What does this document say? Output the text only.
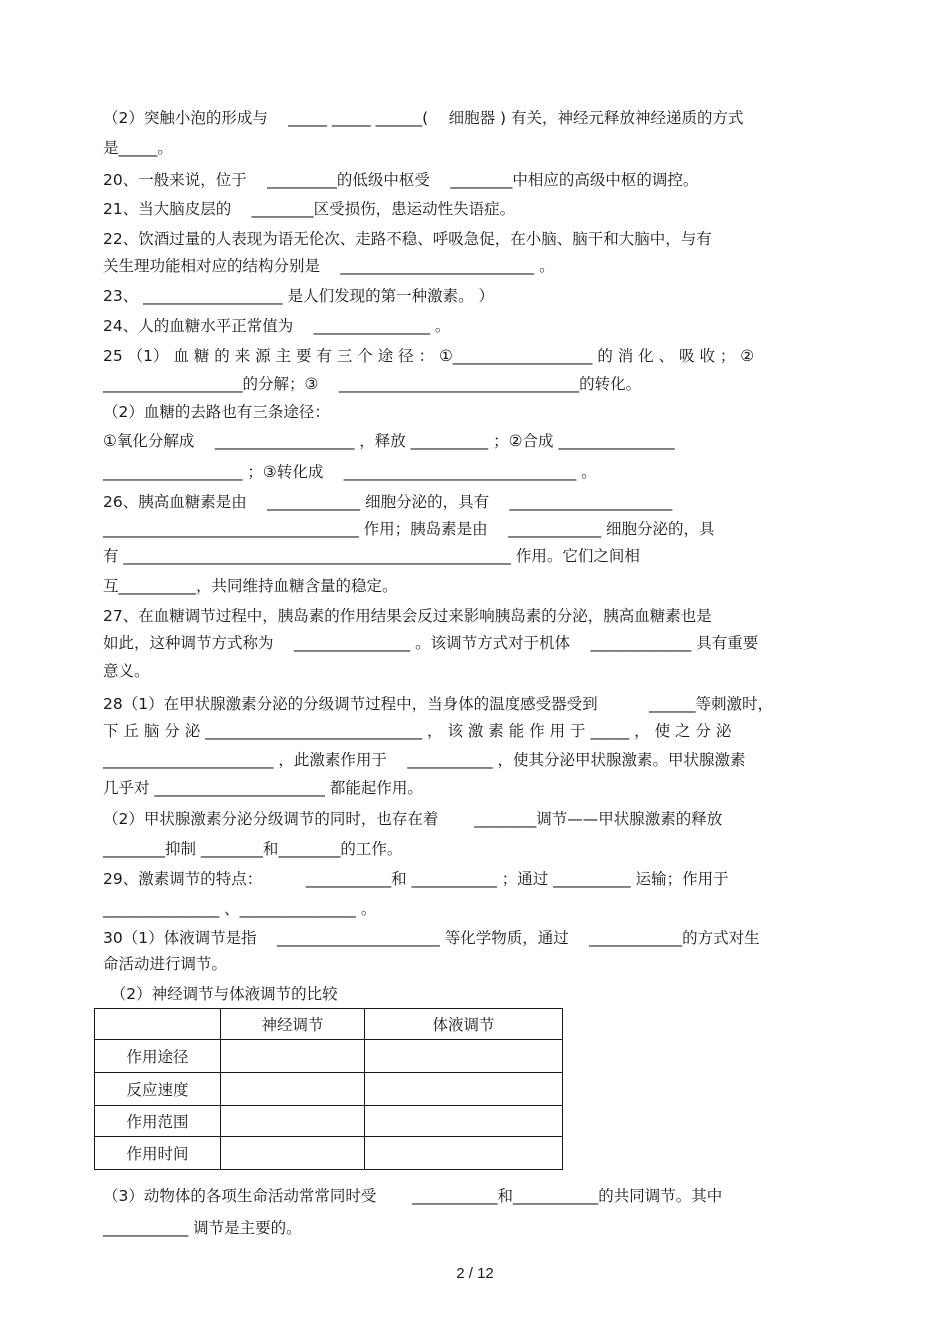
（2）突触小泡的形成与　 _____ _____ ______(　 细胞器 ) 有关，神经元释放神经递质的方式
是_____。
20、一般来说，位于　 _________的低级中枢受　 ________中相应的高级中枢的调控。
21、当大脑皮层的　 ________区受损伤，患运动性失语症。
22、饮酒过量的人表现为语无伦次、走路不稳、呼吸急促，在小脑、脑干和大脑中，与有
关生理功能相对应的结构分别是　 _________________________ 。
23、 __________________ 是人们发现的第一种激素。 ）
24、人的血糖水平正常值为　 _______________ 。
25 （1） 血 糖 的 来 源 主 要 有 三 个 途 径 ： ①__________________ 的 消 化 、 吸 收 ； ②
__________________的分解；③　 _______________________________的转化。
（2）血糖的去路也有三条途径：
①氧化分解成　 __________________ ，释放 __________ ；②合成 _______________
__________________ ；③转化成　 ______________________________ 。
26、胰高血糖素是由　 ____________ 细胞分泌的，具有　 _____________________
_________________________________ 作用；胰岛素是由　 ____________ 细胞分泌的，具
有 __________________________________________________ 作用。它们之间相
互__________，共同维持血糖含量的稳定。
27、在血糖调节过程中，胰岛素的作用结果会反过来影响胰岛素的分泌，胰高血糖素也是
如此，这种调节方式称为　 _______________ 。该调节方式对于机体　 _____________ 具有重要
意义。
28（1）在甲状腺激素分泌的分级调节过程中，当身体的温度感受器受到　　　 ______等刺激时，
下 丘 脑 分 泌 ____________________________ ， 该 激 素 能 作 用 于 _____ ， 使 之 分 泌
______________________ ，此激素作用于　 ___________ ，使其分泌甲状腺激素。甲状腺激素
几乎对 ______________________ 都能起作用。
（2）甲状腺激素分泌分级调节的同时，也存在着　　 ________调节——甲状腺激素的释放
________抑制 ________和________的工作。
29、激素调节的特点：　　　 ___________和 ___________ ；通过 __________ 运输；作用于
_______________ 、_______________ 。
30（1）体液调节是指　 _____________________ 等化学物质，通过　 ____________的方式对生
命活动进行调节。
　（2）神经调节与体液调节的比较
	神经调节	体液调节
作用途径		
反应速度		
作用范围		
作用时间		
（3）动物体的各项生命活动常常同时受　　 ___________和___________的共同调节。其中
___________ 调节是主要的。
2 / 12
